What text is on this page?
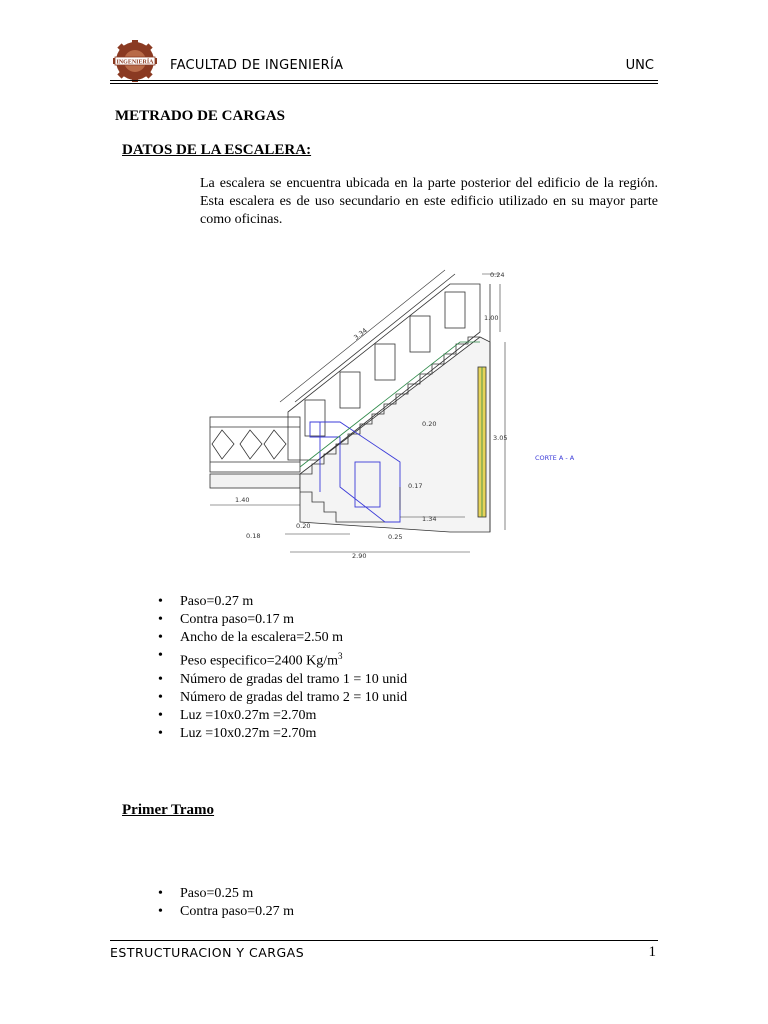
INGENIERÍA FACULTAD DE INGENIERÍA	UNC
METRADO DE CARGAS
DATOS DE LA ESCALERA:
La escalera se encuentra ubicada en la parte posterior del edificio de la región. Esta escalera es de uso secundario en este edificio utilizado en su mayor parte como oficinas.
0.24
3.34
1.00
0.20
3.05
0.17
1.40
1.34
0.18
0.20
0.25
2.90
CORTE A - A
• Paso=0.27 m
• Contra paso=0.17 m
• Ancho de la escalera=2.50 m
• Peso especifico=2400 $Kg/m^3$
• Número de gradas del tramo 1 = 10 unid
• Número de gradas del tramo 2 = 10 unid
• Luz =10x0.27m =2.70m
• Luz =10x0.27m =2.70m
Primer Tramo
• Paso=0.25 m
• Contra paso=0.27 m
ESTRUCTURACION Y CARGAS	1
